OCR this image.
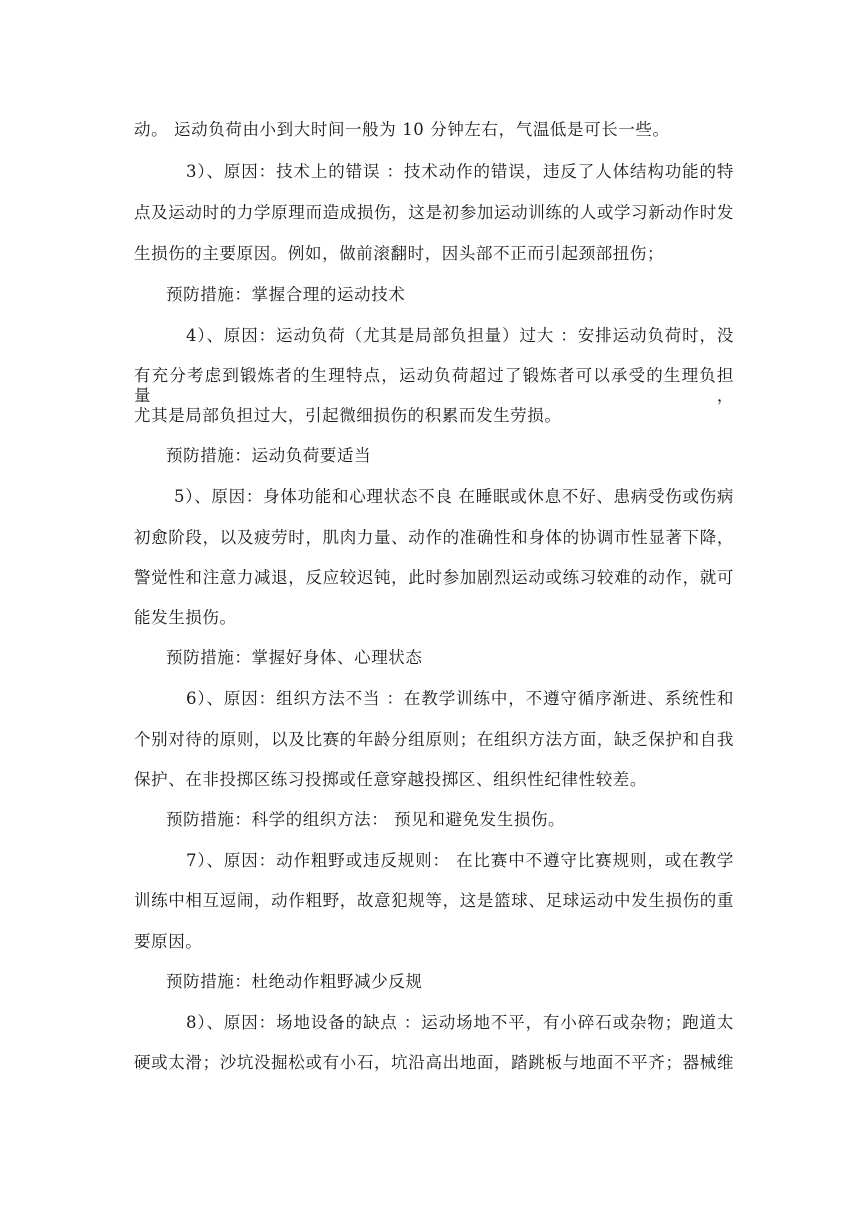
动。 运动负荷由小到大时间一般为 10 分钟左右，气温低是可长一些。
3）、原因：技术上的错误 ：技术动作的错误，违反了人体结构功能的特
点及运动时的力学原理而造成损伤，这是初参加运动训练的人或学习新动作时发
生损伤的主要原因。例如，做前滚翻时，因头部不正而引起颈部扭伤；
预防措施：掌握合理的运动技术
4）、原因：运动负荷（尤其是局部负担量）过大 ：安排运动负荷时，没
有充分考虑到锻炼者的生理特点，运动负荷超过了锻炼者可以承受的生理负担量，
尤其是局部负担过大，引起微细损伤的积累而发生劳损。
预防措施：运动负荷要适当
5）、原因：身体功能和心理状态不良 在睡眠或休息不好、患病受伤或伤病
初愈阶段，以及疲劳时，肌肉力量、动作的准确性和身体的协调市性显著下降，
警觉性和注意力减退，反应较迟钝，此时参加剧烈运动或练习较难的动作，就可
能发生损伤。
预防措施：掌握好身体、心理状态
6）、原因：组织方法不当 ：在教学训练中，不遵守循序渐进、系统性和
个别对待的原则，以及比赛的年龄分组原则；在组织方法方面，缺乏保护和自我
保护、在非投掷区练习投掷或任意穿越投掷区、组织性纪律性较差。
预防措施：科学的组织方法： 预见和避免发生损伤。
7）、原因：动作粗野或违反规则： 在比赛中不遵守比赛规则，或在教学
训练中相互逗闹，动作粗野，故意犯规等，这是篮球、足球运动中发生损伤的重
要原因。
预防措施：杜绝动作粗野减少反规
8）、原因：场地设备的缺点 ：运动场地不平，有小碎石或杂物；跑道太
硬或太滑；沙坑没掘松或有小石，坑沿高出地面，踏跳板与地面不平齐；器械维
